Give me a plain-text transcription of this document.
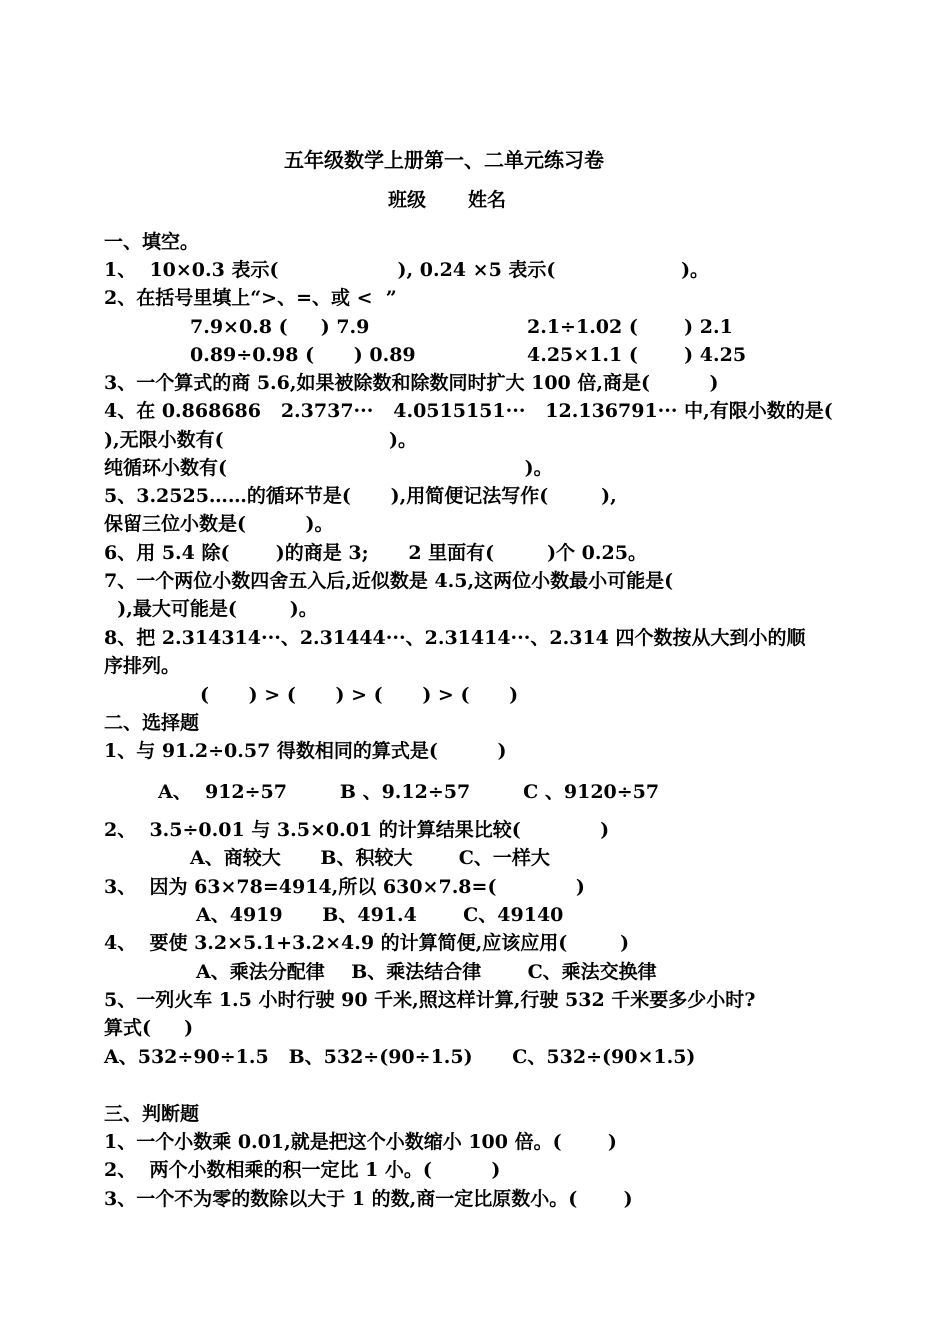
五年级数学上册第一、二单元练习卷
班级 姓名
一、填空。
1、  10×0.3 表示(                  ), 0.24 ×5 表示(                   )。
2、在括号里填上“>、=、或 <  ”
7.9×0.8 (     ) 7.9	2.1÷1.02 (       ) 2.1
0.89÷0.98 (      ) 0.89	4.25×1.1 (       ) 4.25
3、一个算式的商 5.6,如果被除数和除数同时扩大 100 倍,商是(         )
4、在 0.868686   2.3737···   4.0515151···   12.136791··· 中,有限小数的是(
),无限小数有(                         )。
纯循环小数有(                                             )。
5、3.2525……的循环节是(      ),用简便记法写作(        ),
保留三位小数是(         )。
6、用 5.4 除(       )的商是 3;      2 里面有(        )个 0.25。
7、一个两位小数四舍五入后,近似数是 4.5,这两位小数最小可能是(
),最大可能是(        )。
8、把 2.314314···、2.31444···、2.31414···、2.314 四个数按从大到小的顺
序排列。
(      ) > (      ) > (      ) > (      )
二、选择题
1、与 91.2÷0.57 得数相同的算式是(         )
A、  912÷57        B 、9.12÷57        C 、9120÷57
2、  3.5÷0.01 与 3.5×0.01 的计算结果比较(            )
A、商较大      B、积较大       C、一样大
3、  因为 63×78=4914,所以 630×7.8=(            )
A、4919      B、491.4       C、49140
4、  要使 3.2×5.1+3.2×4.9 的计算简便,应该应用(        )
A、乘法分配律    B、乘法结合律       C、乘法交换律
5、一列火车 1.5 小时行驶 90 千米,照这样计算,行驶 532 千米要多少小时?
算式(     )
A、532÷90÷1.5   B、532÷(90÷1.5)      C、532÷(90×1.5)
三、判断题
1、一个小数乘 0.01,就是把这个小数缩小 100 倍。(       )
2、  两个小数相乘的积一定比 1 小。(         )
3、一个不为零的数除以大于 1 的数,商一定比原数小。(       )
